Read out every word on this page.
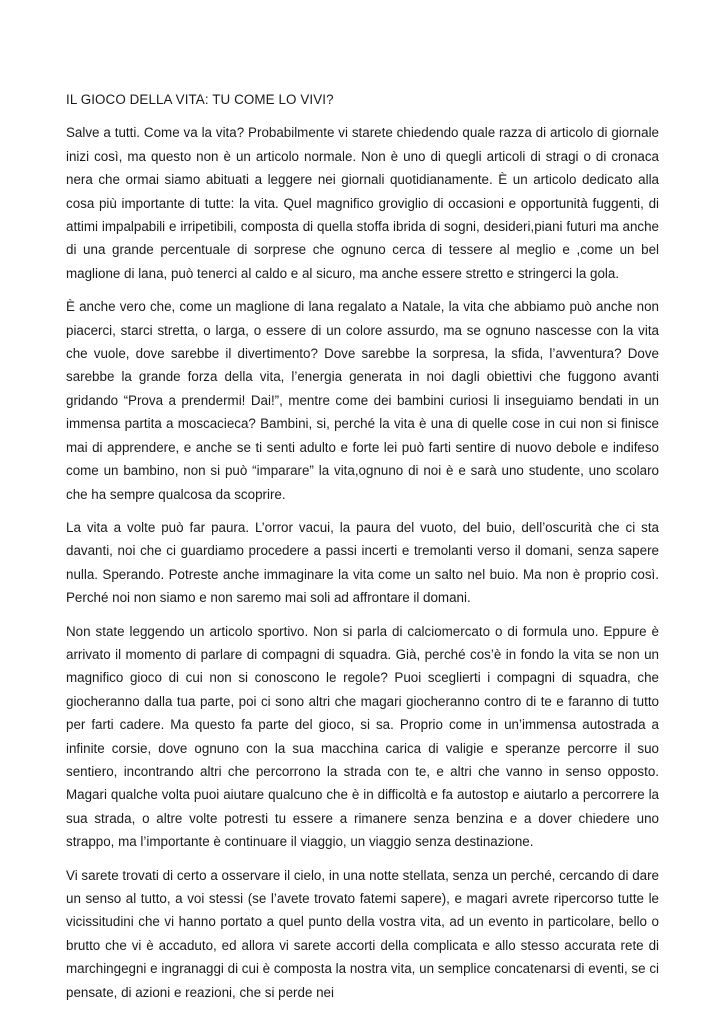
IL GIOCO DELLA VITA: TU COME LO VIVI?

Salve a tutti. Come va la vita? Probabilmente vi starete chiedendo quale razza di articolo di giornale inizi così, ma questo non è un articolo normale. Non è uno di quegli articoli di stragi o di cronaca nera che ormai siamo abituati a leggere nei giornali quotidianamente. È un articolo dedicato alla cosa più importante di tutte: la vita. Quel magnifico groviglio di occasioni e opportunità fuggenti, di attimi impalpabili e irripetibili, composta di quella stoffa ibrida di sogni, desideri,piani futuri ma anche di una grande percentuale di sorprese che ognuno cerca di tessere al meglio e ,come un bel maglione di lana, può tenerci al caldo e al sicuro, ma anche essere stretto e stringerci la gola.

È anche vero che, come un maglione di lana regalato a Natale, la vita che abbiamo può anche non piacerci, starci stretta, o larga, o essere di un colore assurdo, ma se ognuno nascesse con la vita che vuole, dove sarebbe il divertimento? Dove sarebbe la sorpresa, la sfida, l’avventura? Dove sarebbe la grande forza della vita, l’energia generata in noi dagli obiettivi che fuggono avanti gridando “Prova a prendermi! Dai!”, mentre come dei bambini curiosi li inseguiamo bendati in un immensa partita a moscacieca? Bambini, si, perché la vita è una di quelle cose in cui non si finisce mai di apprendere, e anche se ti senti adulto e forte lei può farti sentire di nuovo debole e indifeso come un bambino, non si può “imparare” la vita,ognuno di noi è e sarà uno studente, uno scolaro che ha sempre qualcosa da scoprire.

La vita a volte può far paura. L’orror vacui, la paura del vuoto, del buio, dell’oscurità che ci sta davanti, noi che ci guardiamo procedere a passi incerti e tremolanti verso il domani, senza sapere nulla. Sperando. Potreste anche immaginare la vita come un salto nel buio. Ma non è proprio così. Perché noi non siamo e non saremo mai soli ad affrontare il domani.

Non state leggendo un articolo sportivo. Non si parla di calciomercato o di formula uno. Eppure è arrivato il momento di parlare di compagni di squadra. Già, perché cos’è in fondo la vita se non un magnifico gioco di cui non si conoscono le regole? Puoi sceglierti i compagni di squadra, che giocheranno dalla tua parte, poi ci sono altri che magari giocheranno contro di te e faranno di tutto per farti cadere. Ma questo fa parte del gioco, si sa. Proprio come in un’immensa autostrada a infinite corsie, dove ognuno con la sua macchina carica di valigie e speranze percorre il suo sentiero, incontrando altri che percorrono la strada con te, e altri che vanno in senso opposto. Magari qualche volta puoi aiutare qualcuno che è in difficoltà e fa autostop e aiutarlo a percorrere la sua strada, o altre volte potresti tu essere a rimanere senza benzina e a dover chiedere uno strappo, ma l’importante è continuare il viaggio, un viaggio senza destinazione.

Vi sarete trovati di certo a osservare il cielo, in una notte stellata, senza un perché, cercando di dare un senso al tutto, a voi stessi (se l’avete trovato fatemi sapere), e magari avrete ripercorso tutte le vicissitudini che vi hanno portato a quel punto della vostra vita, ad un evento in particolare, bello o brutto che vi è accaduto, ed allora vi sarete accorti della complicata e allo stesso accurata rete di marchingegni e ingranaggi di cui è composta la nostra vita, un semplice concatenarsi di eventi, se ci pensate, di azioni e reazioni, che si perde nei
